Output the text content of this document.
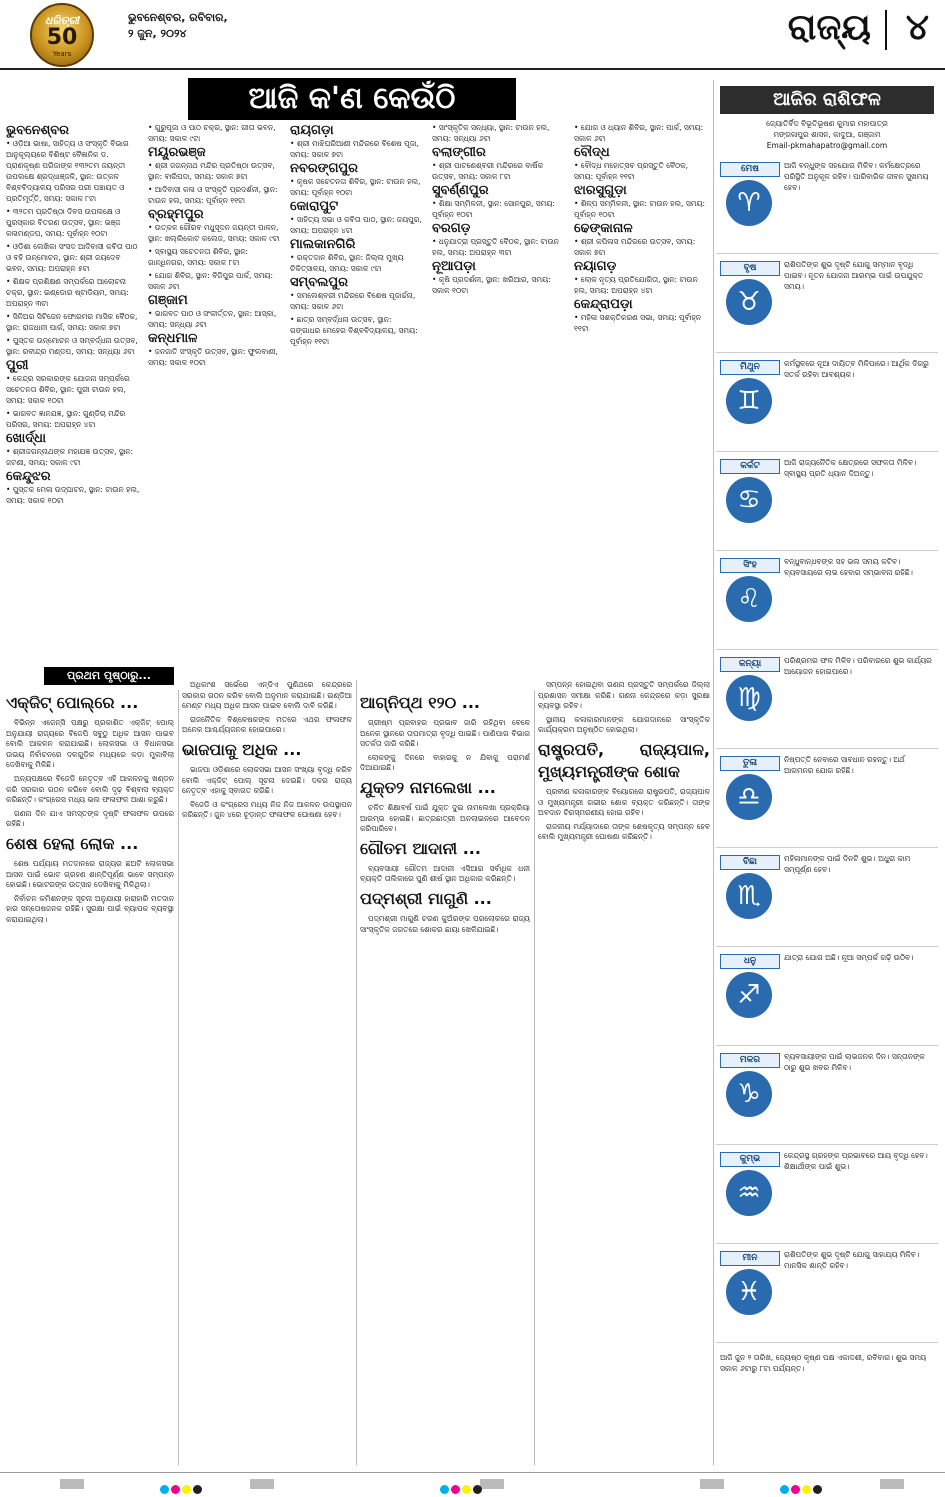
ଧରିତ୍ରୀ
50
Years
ଭୁବନେଶ୍ବର, ରବିବାର,
୨ ଜୁନ, ୨୦୨୪	ରାଜ୍ୟ ୪
ଆଜି କ'ଣ କେଉଁଠି
ଭୁବନେଶ୍ବର
• ଓଡ଼ିଆ ଭାଷା, ସାହିତ୍ୟ ଓ ସଂସ୍କୃତି ବିଭାଗ ଆନୁକୂଲ୍ୟରେ ବିଶିଷ୍ଟ ବୈଜ୍ଞାନିକ ଡ. ପ୍ରାଣକୃଷ୍ଣ ପରିଜାଙ୍କ ୧୩୨ତମ ଜୟନ୍ତୀ ଉପଲକ୍ଷେ ଶ୍ରଦ୍ଧାଞ୍ଜଳି, ସ୍ଥାନ: ଉତ୍କଳ ବିଶ୍ବବିଦ୍ୟାଳୟ ପରିସର ପରୀ ପଞ୍ଚାୟତ ଓ ପ୍ରତିମୂର୍ତ୍ତି, ସମୟ: ସକାଳ ୮ଟା
• ୩୨ତମ ପ୍ରତିଷ୍ଠା ଦିବସ ଉପଲକ୍ଷେ ଓ ପୁରସ୍କାର ବିତରଣ ଉତ୍ସବ, ସ୍ଥାନ: ଭଞ୍ଜ କଳାମଣ୍ଡପ, ସମୟ: ପୂର୍ବାହ୍ନ ୧୦ଟା
• ଓଡ଼ିଶା ଲେଖିକା ସଂସଦ ଆଦିବାସୀ କବିତା ପାଠ ଓ ବହି ଉନ୍ମୋଚନ, ସ୍ଥାନ: ଶ୍ରୀ ଜୟଦେବ ଭବନ, ସମୟ: ଅପରାହ୍ନ ୫ଟା
• ଶିକ୍ଷକ ପ୍ରଶିକ୍ଷଣ ସମ୍ପର୍କରେ ଆଲୋଚନା ଚକ୍ର, ସ୍ଥାନ: ଇଣ୍ଡୋର ଷ୍ଟାଡିୟମ, ସମୟ: ଅପରାହ୍ନ ୩ଟା
• ସିନିଅର ସିଟିଜେନ ଫୋରମର ମାସିକ ବୈଠକ, ସ୍ଥାନ: ରାଜଧାନୀ ପାର୍କ, ସମୟ: ସକାଳ ୭ଟା
• ପୁସ୍ତକ ଉନ୍ମୋଚନ ଓ ସମ୍ବର୍ଦ୍ଧନା ଉତ୍ସବ, ସ୍ଥାନ: ରବୀନ୍ଦ୍ର ମଣ୍ଡପ, ସମୟ: ସନ୍ଧ୍ୟା ୬ଟା
ପୁରୀ
• କେନ୍ଦ୍ର ସରକାରଙ୍କ ଯୋଜନା ସମ୍ପର୍କରେ ସଚେତନତା ଶିବିର, ସ୍ଥାନ: ପୁରୀ ଟାଉନ ହଲ, ସମୟ: ସକାଳ ୧୦ଟା
• ଭାଗବତ ଜ୍ଞାନଯଜ୍ଞ, ସ୍ଥାନ: ଗୁଣ୍ଡିଚା ମନ୍ଦିର ପରିସର, ସମୟ: ଅପରାହ୍ନ ୪ଟା
ଖୋର୍ଦ୍ଧା
• ଶ୍ରୀଜଗନ୍ନାଥଙ୍କ ମହାଯଜ୍ଞ ଉତ୍ସବ, ସ୍ଥାନ: ଜଟଣୀ, ସମୟ: ସକାଳ ୯ଟା
କେନ୍ଦୁଝର
• ପୁସ୍ତକ ମେଳା ଉଦ୍‌ଘାଟନ, ସ୍ଥାନ: ଟାଉନ ହଲ, ସମୟ: ସକାଳ ୧୦ଟା
• ଗୁରୁପୂଜା ଓ ପାଠ ଚକ୍ର, ସ୍ଥାନ: ଗୀତା ଭବନ, ସମୟ: ସକାଳ ୯ଟା
ମୟୂରଭଞ୍ଜ
• ଶ୍ରୀ ଜଗନ୍ନାଥ ମନ୍ଦିର ପ୍ରତିଷ୍ଠା ଉତ୍ସବ, ସ୍ଥାନ: ବାରିପଦା, ସମୟ: ସକାଳ ୭ଟା
• ଆଦିବାସୀ କଳା ଓ ସଂସ୍କୃତି ପ୍ରଦର୍ଶନୀ, ସ୍ଥାନ: ଟାଉନ ହଲ, ସମୟ: ପୂର୍ବାହ୍ନ ୧୧ଟା
ବ୍ରହ୍ମପୁର
• ଉତ୍କଳ ଗୌରବ ମଧୁସୂଦନ ଜୟନ୍ତୀ ପାଳନ, ସ୍ଥାନ: ଖଲ୍ଲିକୋଟ କଲେଜ, ସମୟ: ସକାଳ ୯ଟା
• ସ୍ବାସ୍ଥ୍ୟ ସଚେତନତା ଶିବିର, ସ୍ଥାନ: ଗାନ୍ଧିନଗର, ସମୟ: ସକାଳ ୮ଟା
• ଯୋଗ ଶିବିର, ସ୍ଥାନ: ବିଜିପୁର ପାର୍କ, ସମୟ: ସକାଳ ୬ଟା
ଗଞ୍ଜାମ
• ଭାଗବତ ପାଠ ଓ ସଂକୀର୍ତ୍ତନ, ସ୍ଥାନ: ଆସ୍କା, ସମୟ: ସନ୍ଧ୍ୟା ୬ଟା
କନ୍ଧମାଳ
• ଜନଜାତି ସଂସ୍କୃତି ଉତ୍ସବ, ସ୍ଥାନ: ଫୁଲବାଣୀ, ସମୟ: ସକାଳ ୧୦ଟା
ରାୟଗଡ଼ା
• ଶ୍ରୀ ମାଝିଘରିଆଣୀ ମନ୍ଦିରରେ ବିଶେଷ ପୂଜା, ସମୟ: ସକାଳ ୭ଟା
ନବରଙ୍ଗପୁର
• କୃଷକ ସଚେତନତା ଶିବିର, ସ୍ଥାନ: ଟାଉନ ହଲ, ସମୟ: ପୂର୍ବାହ୍ନ ୧୦ଟା
କୋରାପୁଟ
• ସାହିତ୍ୟ ସଭା ଓ କବିତା ପାଠ, ସ୍ଥାନ: ଜୟପୁର, ସମୟ: ଅପରାହ୍ନ ୪ଟା
ମାଲକାନଗିରି
• ରକ୍ତଦାନ ଶିବିର, ସ୍ଥାନ: ଜିଲ୍ଲା ମୁଖ୍ୟ ଚିକିତ୍ସାଳୟ, ସମୟ: ସକାଳ ୯ଟା
ସମ୍ବଲପୁର
• ସମଲେଶ୍ବରୀ ମନ୍ଦିରରେ ବିଶେଷ ପୂଜାର୍ଚ୍ଚନା, ସମୟ: ସକାଳ ୬ଟା
• ଛାତ୍ର ସମ୍ବର୍ଦ୍ଧନା ଉତ୍ସବ, ସ୍ଥାନ: ଗଙ୍ଗାଧର ମେହେର ବିଶ୍ବବିଦ୍ୟାଳୟ, ସମୟ: ପୂର୍ବାହ୍ନ ୧୧ଟା
• ସାଂସ୍କୃତିକ ସନ୍ଧ୍ୟା, ସ୍ଥାନ: ଟାଉନ ହଲ, ସମୟ: ସନ୍ଧ୍ୟା ୬ଟା
ବଲାଙ୍ଗୀର
• ଶ୍ରୀ ପାଟଣେଶ୍ବରୀ ମନ୍ଦିରରେ ବାର୍ଷିକ ଉତ୍ସବ, ସମୟ: ସକାଳ ୮ଟା
ସୁବର୍ଣ୍ଣପୁର
• ଶିକ୍ଷା ସମ୍ମିଳନୀ, ସ୍ଥାନ: ସୋନପୁର, ସମୟ: ପୂର୍ବାହ୍ନ ୧୦ଟା
ବରଗଡ଼
• ଧନୁଯାତ୍ରା ପ୍ରସ୍ତୁତି ବୈଠକ, ସ୍ଥାନ: ଟାଉନ ହଲ, ସମୟ: ଅପରାହ୍ନ ୩ଟା
ନୂଆପଡ଼ା
• କୃଷି ପ୍ରଦର୍ଶନୀ, ସ୍ଥାନ: ଖରିଆର, ସମୟ: ସକାଳ ୧୦ଟା
• ଯୋଗ ଓ ଧ୍ୟାନ ଶିବିର, ସ୍ଥାନ: ପାର୍କ, ସମୟ: ସକାଳ ୬ଟା
ବୌଦ୍ଧ
• ବୌଦ୍ଧ ମହୋତ୍ସବ ପ୍ରସ୍ତୁତି ବୈଠକ, ସମୟ: ପୂର୍ବାହ୍ନ ୧୧ଟା
ଝାରସୁଗୁଡ଼ା
• ଶିଳ୍ପ ସମ୍ମିଳନୀ, ସ୍ଥାନ: ଟାଉନ ହଲ, ସମୟ: ପୂର୍ବାହ୍ନ ୧୦ଟା
ଢେଙ୍କାନାଳ
• ଶ୍ରୀ କପିଳାସ ମନ୍ଦିରରେ ଉତ୍ସବ, ସମୟ: ସକାଳ ୭ଟା
ନୟାଗଡ଼
• ଲୋକ ନୃତ୍ୟ ପ୍ରତିଯୋଗିତା, ସ୍ଥାନ: ଟାଉନ ହଲ, ସମୟ: ଅପରାହ୍ନ ୪ଟା
କେନ୍ଦ୍ରାପଡ଼ା
• ମହିଳା ସଶକ୍ତିକରଣ ସଭା, ସମୟ: ପୂର୍ବାହ୍ନ ୧୧ଟା
ଆଜିର ରାଶିଫଳ
ଜ୍ୟୋତିର୍ବିଦ ବିଭୂତିଭୂଷଣ କୁମାର ମହାପାତ୍ର
ମଙ୍ଗଳାପୁର ଶାସନ, କାଦୁଆ, ଗଞ୍ଜାମ
Email-pkmahapatro@gmail.com
ମେଷ
♈
ଆଜି ବନ୍ଧୁଙ୍କ ସହଯୋଗ ମିଳିବ। କର୍ମକ୍ଷେତ୍ରରେ ପରିସ୍ଥିତି ଅନୁକୂଳ ରହିବ। ପାରିବାରିକ ଜୀବନ ସୁଖମୟ ହେବ।
ବୃଷ
♉
ରାଶିପତିଙ୍କ ଶୁଭ ଦୃଷ୍ଟି ଯୋଗୁ ସମ୍ମାନ ବୃଦ୍ଧି ପାଇବ। ନୂତନ ଯୋଜନା ଆରମ୍ଭ ପାଇଁ ଉପଯୁକ୍ତ ସମୟ।
ମିଥୁନ
♊
କର୍ମସ୍ଥଳରେ ନୂଆ ଦାୟିତ୍ବ ମିଳିପାରେ। ଆର୍ଥିକ ଦିଗରୁ ସତର୍କ ରହିବା ଆବଶ୍ୟକ।
କର୍କଟ
♋
ଆଜି ରାଜ୍ୟନୈତିକ କ୍ଷେତ୍ରରେ ସଫଳତା ମିଳିବ। ସ୍ବାସ୍ଥ୍ୟ ପ୍ରତି ଧ୍ୟାନ ଦିଅନ୍ତୁ।
ସିଂହ
♌
ବନ୍ଧୁବାନ୍ଧବଙ୍କ ସହ ଭଲ ସମୟ କଟିବ। ବ୍ୟବସାୟରେ ଲାଭ ହେବାର ସମ୍ଭାବନା ରହିଛି।
କନ୍ୟା
♍
ପରିଶ୍ରମର ଫଳ ମିଳିବ। ପରିବାରରେ ଶୁଭ କାର୍ଯ୍ୟର ଆୟୋଜନ ହୋଇପାରେ।
ତୁଳା
♎
ନିଷ୍ପତ୍ତି ନେବାରେ ସାବଧାନ ରହନ୍ତୁ। ଅର୍ଥ ଆଗମନର ଯୋଗ ରହିଛି।
ବିଛା
♏
ମହିଳାମାନଙ୍କ ପାଇଁ ଦିନଟି ଶୁଭ। ଅଧୁରା କାମ ସମ୍ପୂର୍ଣ୍ଣ ହେବ।
ଧନୁ
♐
ଯାତ୍ରା ଯୋଗ ଅଛି। ନୂଆ ସମ୍ପର୍କ ଗଢ଼ି ଉଠିବ।
ମକର
♑
ବ୍ୟବସାୟୀଙ୍କ ପାଇଁ ଲାଭଜନକ ଦିନ। ସନ୍ତାନଙ୍କ ଠାରୁ ଶୁଭ ଖବର ମିଳିବ।
କୁମ୍ଭ
♒
କେନ୍ଦ୍ରସ୍ଥ ଗ୍ରହଙ୍କ ପ୍ରଭାବରେ ଆୟ ବୃଦ୍ଧି ହେବ। ଶିକ୍ଷାର୍ଥୀଙ୍କ ପାଇଁ ଶୁଭ।
ମୀନ
♓
ରାଶିପତିଙ୍କ ଶୁଭ ଦୃଷ୍ଟି ଯୋଗୁ ସାହାଯ୍ୟ ମିଳିବ। ମାନସିକ ଶାନ୍ତି ରହିବ।
ଆଜି ଜୁନ ୨ ତାରିଖ, ଜ୍ୟେଷ୍ଠ କୃଷ୍ଣ ପକ୍ଷ ଏକାଦଶୀ, ରବିବାର। ଶୁଭ ସମୟ ସକାଳ ୬ଟାରୁ ୮ଟା ପର୍ଯ୍ୟନ୍ତ।
ପ୍ରଥମ ପୃଷ୍ଠାରୁ...
ଏକ୍‌ଜିଟ୍ ପୋଲ୍‌ରେ ...

ବିଭିନ୍ନ ଏଜେନ୍ସି ପକ୍ଷରୁ ପ୍ରକାଶିତ ଏକ୍‌ଜିଟ୍ ପୋଲ୍ ଅନୁଯାୟୀ ରାଜ୍ୟରେ ବିଜେପି ସବୁଠୁ ଅଧିକ ଆସନ ପାଇବ ବୋଲି ଆକଳନ କରାଯାଇଛି। ଲୋକସଭା ଓ ବିଧାନସଭା ଉଭୟ ନିର୍ବାଚନରେ ଦଳଗୁଡ଼ିକ ମଧ୍ୟରେ କଡ଼ା ମୁକାବିଲା ଦେଖିବାକୁ ମିଳିଛି।

ଅନ୍ୟପକ୍ଷରେ ବିଜେଡି ନେତୃତ୍ବ ଏହି ଆକଳନକୁ ଖଣ୍ଡନ କରି ସରକାର ଗଠନ କରିବେ ବୋଲି ଦୃଢ଼ ବିଶ୍ବାସ ବ୍ୟକ୍ତ କରିଛନ୍ତି। କଂଗ୍ରେସ ମଧ୍ୟ ଭଲ ଫଳାଫଳ ଆଶା କରୁଛି।

ଗଣନା ଦିନ ଯାଏ ସମସ୍ତଙ୍କ ଦୃଷ୍ଟି ଫଳାଫଳ ଉପରେ ରହିଛି।

ଶେଷ ହେଲା ଲୋକ ...

ଶେଷ ପର୍ଯ୍ୟାୟ ମତଦାନରେ ରାଜ୍ୟର ଛଅଟି ଲୋକସଭା ଆସନ ପାଇଁ ଭୋଟ ଗ୍ରହଣ ଶାନ୍ତିପୂର୍ଣ୍ଣ ଭାବେ ସମ୍ପନ୍ନ ହୋଇଛି। ଭୋଟରଙ୍କ ଉତ୍ସାହ ଦେଖିବାକୁ ମିଳିଥିଲା।

ନିର୍ବାଚନ କମିଶନଙ୍କ ସୂଚନା ଅନୁଯାୟୀ ହାରାହାରି ମତଦାନ ହାର ସନ୍ତୋଷଜନକ ରହିଛି। ସୁରକ୍ଷା ପାଇଁ ବ୍ୟାପକ ବ୍ୟବସ୍ଥା କରାଯାଇଥିଲା।

ଅଧିକାଂଶ ସର୍ଭେରେ ଏନ୍‌ଡିଏ ପୁଣିଥରେ କେନ୍ଦ୍ରରେ ସରକାର ଗଠନ କରିବ ବୋଲି ଅନୁମାନ କରାଯାଇଛି। ଇଣ୍ଡିଆ ମେଣ୍ଟ ମଧ୍ୟ ଅଧିକ ଆସନ ପାଇବ ବୋଲି ଦାବି କରିଛି।

ରାଜନୈତିକ ବିଶ୍ଳେଷକଙ୍କ ମତରେ ଏଥର ଫଳାଫଳ ଅନେକ ଆଶ୍ଚର୍ଯ୍ୟଜନକ ହୋଇପାରେ।

ଭାଜପାକୁ ଅଧିକ ...

ଭାଜପା ଓଡ଼ିଶାରେ ଲୋକସଭା ଆସନ ସଂଖ୍ୟା ବୃଦ୍ଧି କରିବ ବୋଲି ଏକ୍‌ଜିଟ୍ ପୋଲ୍ ସୂଚନା ଦେଇଛି। ଦଳର ରାଜ୍ୟ ନେତୃତ୍ବ ଏହାକୁ ସ୍ବାଗତ କରିଛି।

ବିଜେଡି ଓ କଂଗ୍ରେସ ମଧ୍ୟ ନିଜ ନିଜ ଆକଳନ ଉପସ୍ଥାପନ କରିଛନ୍ତି। ଜୁନ ୪ରେ ଚୂଡ଼ାନ୍ତ ଫଳାଫଳ ଘୋଷଣା ହେବ।

ଆଗ୍ନିପ୍ଥ ୧୨୦ ...

ଗ୍ରୀଷ୍ମ ପ୍ରବାହର ପ୍ରଭାବ ଜାରି ରହିଥିବା ବେଳେ ଅନେକ ସ୍ଥାନରେ ତାପମାତ୍ରା ବୃଦ୍ଧି ପାଇଛି। ପାଣିପାଗ ବିଭାଗ ସତର୍କତା ଜାରି କରିଛି।

ଲୋକଙ୍କୁ ଦିନରେ ବାହାରକୁ ନ ଯିବାକୁ ପରାମର୍ଶ ଦିଆଯାଇଛି।

ଯୁକ୍ତ୨ ନାମଲେଖା ...

ଚଳିତ ଶିକ୍ଷାବର୍ଷ ପାଇଁ ଯୁକ୍ତ ଦୁଇ ନାମଲେଖା ପ୍ରକ୍ରିୟା ଆରମ୍ଭ ହୋଇଛି। ଛାତ୍ରଛାତ୍ରୀ ଅନଲାଇନରେ ଆବେଦନ କରିପାରିବେ।

ଗୌତମ ଆଦାନୀ ...

ବ୍ୟବସାୟୀ ଗୌତମ ଆଦାନୀ ଏସିଆର ସର୍ବାଧିକ ଧନୀ ବ୍ୟକ୍ତି ତାଲିକାରେ ପୁଣି ଶୀର୍ଷ ସ୍ଥାନ ଅଧିକାର କରିଛନ୍ତି।

ପଦ୍ମଶ୍ରୀ ମାଗୁଣି ...

ପଦ୍ମଶ୍ରୀ ମାଗୁଣି ଚରଣ କୁଅଁରଙ୍କ ପରଲୋକରେ ରାଜ୍ୟ ସାଂସ୍କୃତିକ ଜଗତରେ ଶୋକର ଛାୟା ଖେଳିଯାଇଛି।

ସମ୍ପନ୍ନ ହୋଇଥିବା ଗଣନା ପ୍ରସ୍ତୁତି ସମ୍ପର୍କରେ ଜିଲ୍ଲା ପ୍ରଶାସନ ସମୀକ୍ଷା କରିଛି। ଗଣନା କେନ୍ଦ୍ରରେ କଡ଼ା ସୁରକ୍ଷା ବ୍ୟବସ୍ଥା ରହିବ।

ସ୍ଥାନୀୟ କଳାକାରମାନଙ୍କ ଯୋଗଦାନରେ ସାଂସ୍କୃତିକ କାର୍ଯ୍ୟକ୍ରମ ଅନୁଷ୍ଠିତ ହୋଇଥିଲା।

ରାଷ୍ଟ୍ରପତି, ରାଜ୍ୟପାଳ, ମୁଖ୍ୟମନ୍ତ୍ରୀଙ୍କ ଶୋକ

ପ୍ରବୀଣ କଳାକାରଙ୍କ ବିୟୋଗରେ ରାଷ୍ଟ୍ରପତି, ରାଜ୍ୟପାଳ ଓ ମୁଖ୍ୟମନ୍ତ୍ରୀ ଗଭୀର ଶୋକ ବ୍ୟକ୍ତ କରିଛନ୍ତି। ତାଙ୍କ ଅବଦାନ ଚିରସ୍ମରଣୀୟ ହୋଇ ରହିବ।

ରାଜକୀୟ ମର୍ଯ୍ୟାଦାରେ ତାଙ୍କ ଶେଷକୃତ୍ୟ ସମ୍ପନ୍ନ ହେବ ବୋଲି ମୁଖ୍ୟମନ୍ତ୍ରୀ ଘୋଷଣା କରିଛନ୍ତି।
